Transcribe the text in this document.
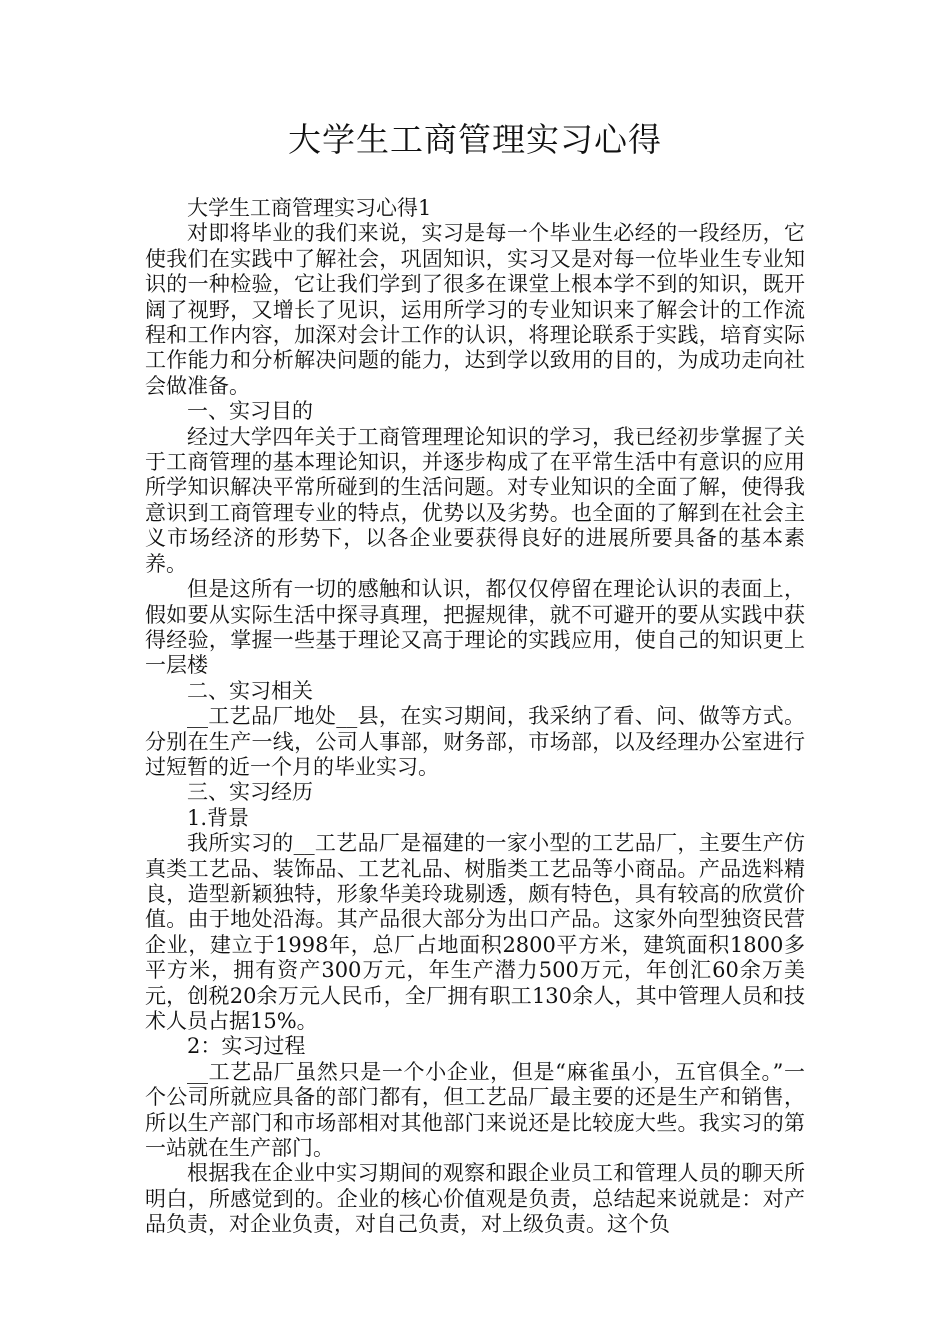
大学生工商管理实习心得

大学生工商管理实习心得1

对即将毕业的我们来说，实习是每一个毕业生必经的一段经历，它使我们在实践中了解社会，巩固知识，实习又是对每一位毕业生专业知识的一种检验，它让我们学到了很多在课堂上根本学不到的知识，既开阔了视野，又增长了见识，运用所学习的专业知识来了解会计的工作流程和工作内容，加深对会计工作的认识，将理论联系于实践，培育实际工作能力和分析解决问题的能力，达到学以致用的目的，为成功走向社会做准备。

一、实习目的

经过大学四年关于工商管理理论知识的学习，我已经初步掌握了关于工商管理的基本理论知识，并逐步构成了在平常生活中有意识的应用所学知识解决平常所碰到的生活问题。对专业知识的全面了解，使得我意识到工商管理专业的特点，优势以及劣势。也全面的了解到在社会主义市场经济的形势下，以各企业要获得良好的进展所要具备的基本素养。

但是这所有一切的感触和认识，都仅仅停留在理论认识的表面上，假如要从实际生活中探寻真理，把握规律，就不可避开的要从实践中获得经验，掌握一些基于理论又高于理论的实践应用，使自己的知识更上一层楼

二、实习相关

__工艺品厂地处__县，在实习期间，我采纳了看、问、做等方式。分别在生产一线，公司人事部，财务部，市场部，以及经理办公室进行过短暂的近一个月的毕业实习。

三、实习经历

1.背景

我所实习的__工艺品厂是福建的一家小型的工艺品厂，主要生产仿真类工艺品、装饰品、工艺礼品、树脂类工艺品等小商品。产品选料精良，造型新颖独特，形象华美玲珑剔透，颇有特色，具有较高的欣赏价值。由于地处沿海。其产品很大部分为出口产品。这家外向型独资民营企业，建立于1998年，总厂占地面积2800平方米，建筑面积1800多平方米，拥有资产300万元，年生产潜力500万元，年创汇60余万美元，创税20余万元人民币，全厂拥有职工130余人，其中管理人员和技术人员占据15%。

2：实习过程

__工艺品厂虽然只是一个小企业，但是“麻雀虽小，五官俱全。”一个公司所就应具备的部门都有，但工艺品厂最主要的还是生产和销售，所以生产部门和市场部相对其他部门来说还是比较庞大些。我实习的第一站就在生产部门。

根据我在企业中实习期间的观察和跟企业员工和管理人员的聊天所明白，所感觉到的。企业的核心价值观是负责，总结起来说就是：对产品负责，对企业负责，对自己负责，对上级负责。这个负
